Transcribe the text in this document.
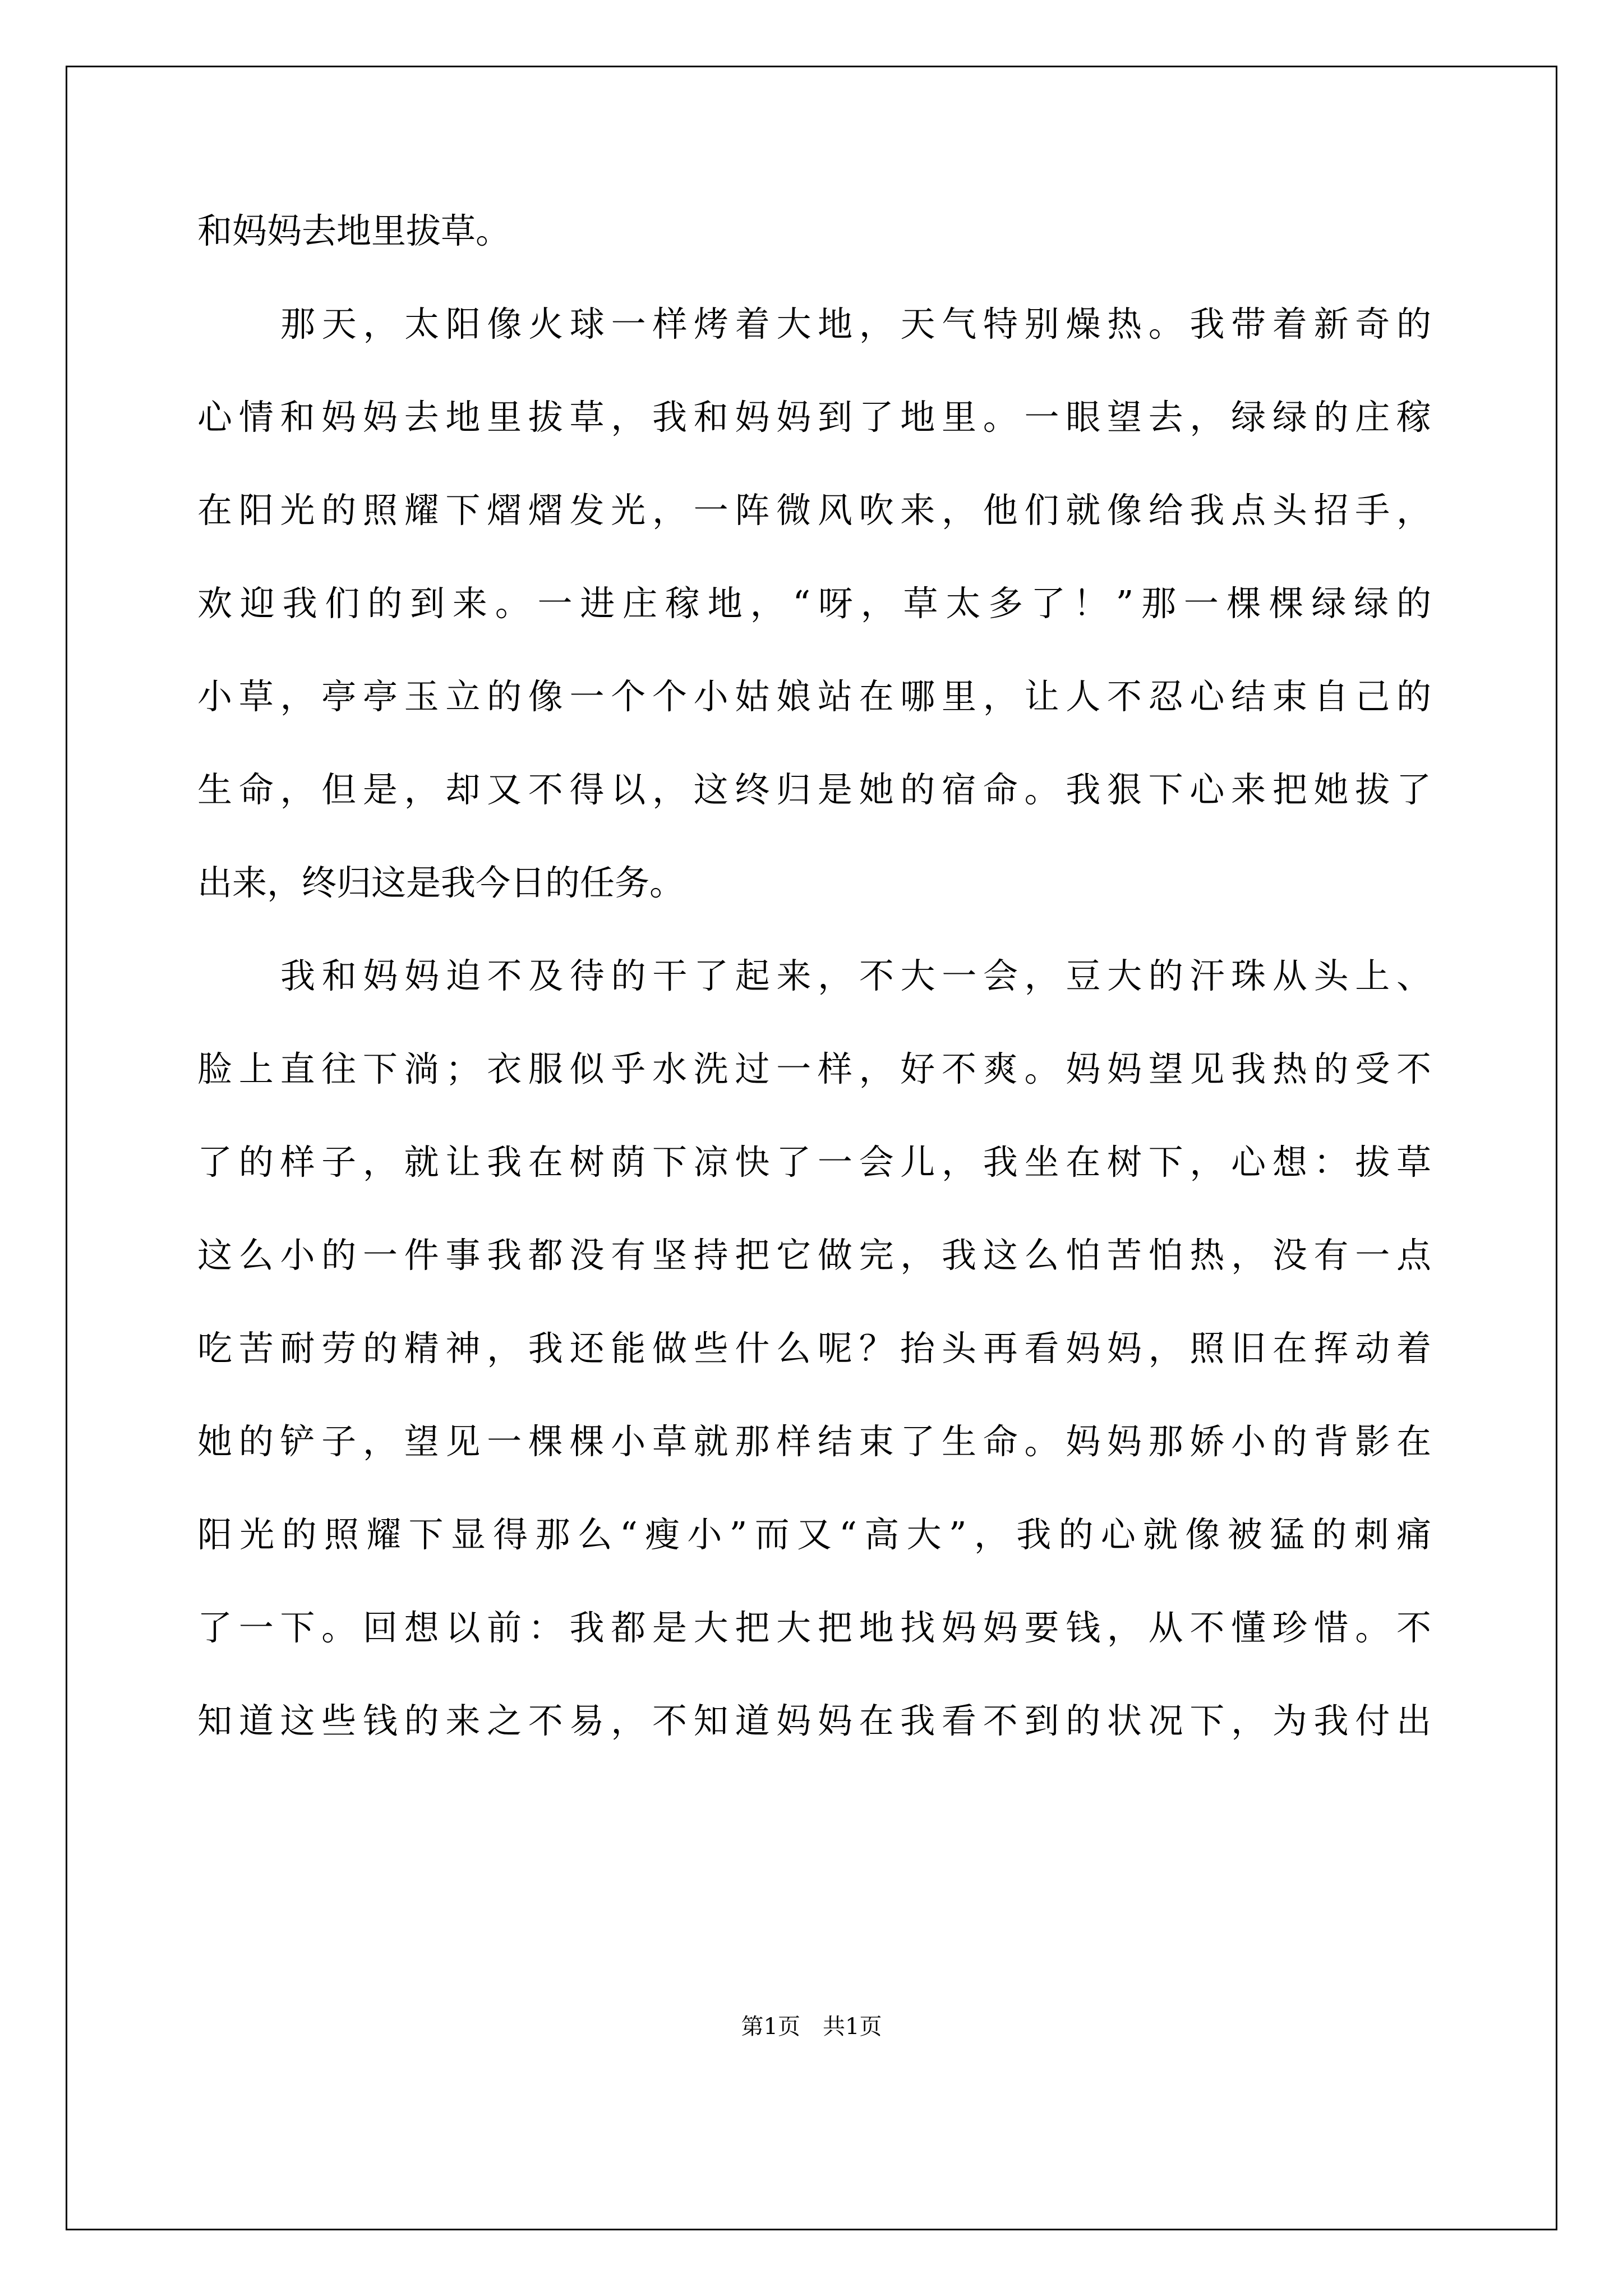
和妈妈去地里拔草。
那天，太阳像火球一样烤着大地，天气特别燥热。我带着新奇的
心情和妈妈去地里拔草，我和妈妈到了地里。一眼望去，绿绿的庄稼
在阳光的照耀下熠熠发光，一阵微风吹来，他们就像给我点头招手，
欢迎我们的到来。一进庄稼地，“呀，草太多了！”那一棵棵绿绿的
小草，亭亭玉立的像一个个小姑娘站在哪里，让人不忍心结束自己的
生命，但是，却又不得以，这终归是她的宿命。我狠下心来把她拔了
出来，终归这是我今日的任务。
我和妈妈迫不及待的干了起来，不大一会，豆大的汗珠从头上、
脸上直往下淌；衣服似乎水洗过一样，好不爽。妈妈望见我热的受不
了的样子，就让我在树荫下凉快了一会儿，我坐在树下，心想：拔草
这么小的一件事我都没有坚持把它做完，我这么怕苦怕热，没有一点
吃苦耐劳的精神，我还能做些什么呢？抬头再看妈妈，照旧在挥动着
她的铲子，望见一棵棵小草就那样结束了生命。妈妈那娇小的背影在
阳光的照耀下显得那么“瘦小”而又“高大”，我的心就像被猛的刺痛
了一下。回想以前：我都是大把大把地找妈妈要钱，从不懂珍惜。不
知道这些钱的来之不易，不知道妈妈在我看不到的状况下，为我付出
第1页　共1页
